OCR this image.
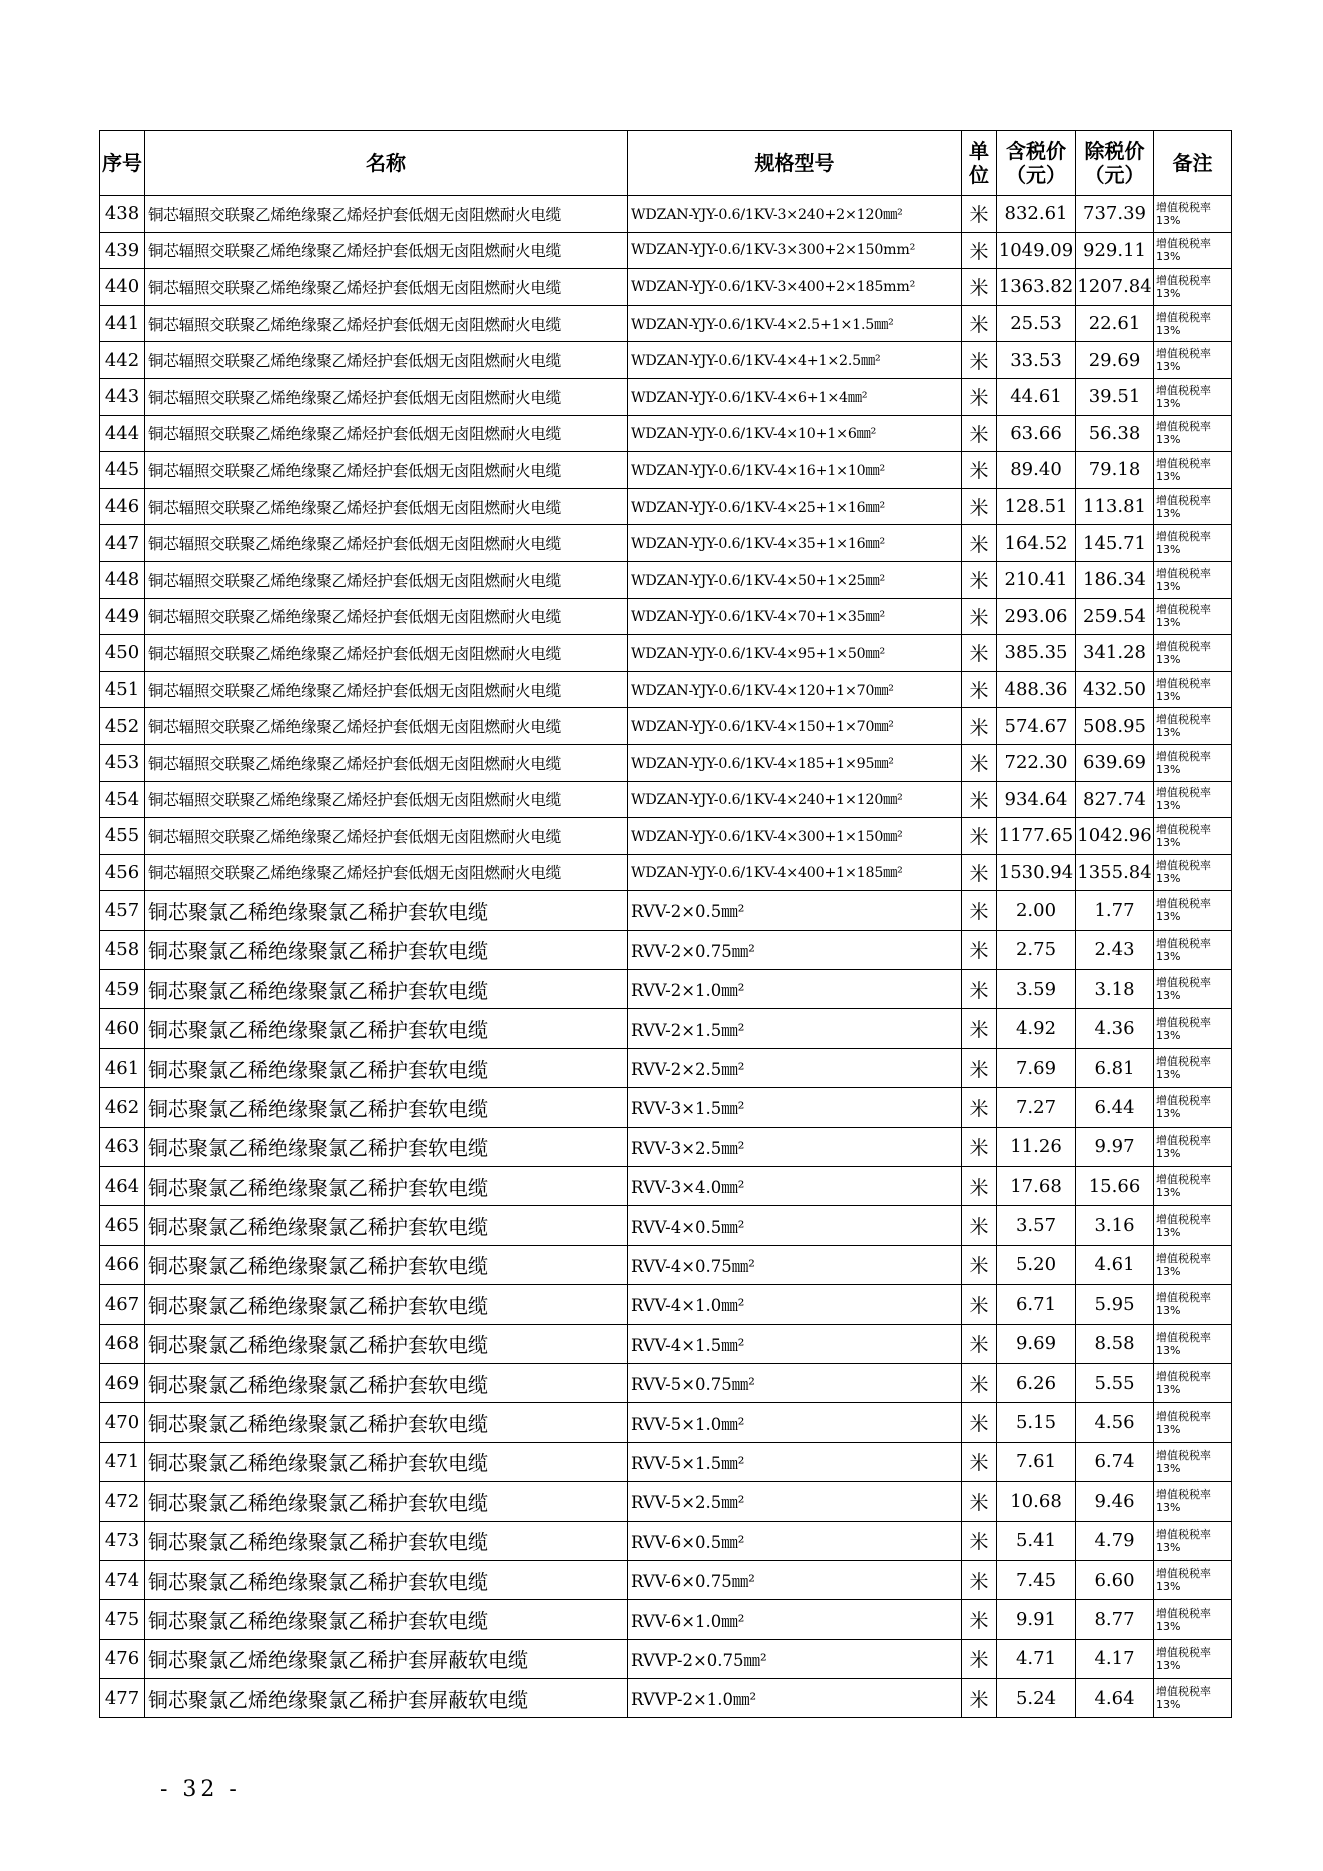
序号	名称	规格型号	单位	含税价（元）	除税价（元）	备注
438	铜芯辐照交联聚乙烯绝缘聚乙烯烃护套低烟无卤阻燃耐火电缆	WDZAN-YJY-0.6/1KV-3×240+2×120㎜²	米	832.61	737.39	增值税税率13%
439	铜芯辐照交联聚乙烯绝缘聚乙烯烃护套低烟无卤阻燃耐火电缆	WDZAN-YJY-0.6/1KV-3×300+2×150mm²	米	1049.09	929.11	增值税税率13%
440	铜芯辐照交联聚乙烯绝缘聚乙烯烃护套低烟无卤阻燃耐火电缆	WDZAN-YJY-0.6/1KV-3×400+2×185mm²	米	1363.82	1207.84	增值税税率13%
441	铜芯辐照交联聚乙烯绝缘聚乙烯烃护套低烟无卤阻燃耐火电缆	WDZAN-YJY-0.6/1KV-4×2.5+1×1.5㎜²	米	25.53	22.61	增值税税率13%
442	铜芯辐照交联聚乙烯绝缘聚乙烯烃护套低烟无卤阻燃耐火电缆	WDZAN-YJY-0.6/1KV-4×4+1×2.5㎜²	米	33.53	29.69	增值税税率13%
443	铜芯辐照交联聚乙烯绝缘聚乙烯烃护套低烟无卤阻燃耐火电缆	WDZAN-YJY-0.6/1KV-4×6+1×4㎜²	米	44.61	39.51	增值税税率13%
444	铜芯辐照交联聚乙烯绝缘聚乙烯烃护套低烟无卤阻燃耐火电缆	WDZAN-YJY-0.6/1KV-4×10+1×6㎜²	米	63.66	56.38	增值税税率13%
445	铜芯辐照交联聚乙烯绝缘聚乙烯烃护套低烟无卤阻燃耐火电缆	WDZAN-YJY-0.6/1KV-4×16+1×10㎜²	米	89.40	79.18	增值税税率13%
446	铜芯辐照交联聚乙烯绝缘聚乙烯烃护套低烟无卤阻燃耐火电缆	WDZAN-YJY-0.6/1KV-4×25+1×16㎜²	米	128.51	113.81	增值税税率13%
447	铜芯辐照交联聚乙烯绝缘聚乙烯烃护套低烟无卤阻燃耐火电缆	WDZAN-YJY-0.6/1KV-4×35+1×16㎜²	米	164.52	145.71	增值税税率13%
448	铜芯辐照交联聚乙烯绝缘聚乙烯烃护套低烟无卤阻燃耐火电缆	WDZAN-YJY-0.6/1KV-4×50+1×25㎜²	米	210.41	186.34	增值税税率13%
449	铜芯辐照交联聚乙烯绝缘聚乙烯烃护套低烟无卤阻燃耐火电缆	WDZAN-YJY-0.6/1KV-4×70+1×35㎜²	米	293.06	259.54	增值税税率13%
450	铜芯辐照交联聚乙烯绝缘聚乙烯烃护套低烟无卤阻燃耐火电缆	WDZAN-YJY-0.6/1KV-4×95+1×50㎜²	米	385.35	341.28	增值税税率13%
451	铜芯辐照交联聚乙烯绝缘聚乙烯烃护套低烟无卤阻燃耐火电缆	WDZAN-YJY-0.6/1KV-4×120+1×70㎜²	米	488.36	432.50	增值税税率13%
452	铜芯辐照交联聚乙烯绝缘聚乙烯烃护套低烟无卤阻燃耐火电缆	WDZAN-YJY-0.6/1KV-4×150+1×70㎜²	米	574.67	508.95	增值税税率13%
453	铜芯辐照交联聚乙烯绝缘聚乙烯烃护套低烟无卤阻燃耐火电缆	WDZAN-YJY-0.6/1KV-4×185+1×95㎜²	米	722.30	639.69	增值税税率13%
454	铜芯辐照交联聚乙烯绝缘聚乙烯烃护套低烟无卤阻燃耐火电缆	WDZAN-YJY-0.6/1KV-4×240+1×120㎜²	米	934.64	827.74	增值税税率13%
455	铜芯辐照交联聚乙烯绝缘聚乙烯烃护套低烟无卤阻燃耐火电缆	WDZAN-YJY-0.6/1KV-4×300+1×150㎜²	米	1177.65	1042.96	增值税税率13%
456	铜芯辐照交联聚乙烯绝缘聚乙烯烃护套低烟无卤阻燃耐火电缆	WDZAN-YJY-0.6/1KV-4×400+1×185㎜²	米	1530.94	1355.84	增值税税率13%
457	铜芯聚氯乙稀绝缘聚氯乙稀护套软电缆	RVV-2×0.5㎜²	米	2.00	1.77	增值税税率13%
458	铜芯聚氯乙稀绝缘聚氯乙稀护套软电缆	RVV-2×0.75㎜²	米	2.75	2.43	增值税税率13%
459	铜芯聚氯乙稀绝缘聚氯乙稀护套软电缆	RVV-2×1.0㎜²	米	3.59	3.18	增值税税率13%
460	铜芯聚氯乙稀绝缘聚氯乙稀护套软电缆	RVV-2×1.5㎜²	米	4.92	4.36	增值税税率13%
461	铜芯聚氯乙稀绝缘聚氯乙稀护套软电缆	RVV-2×2.5㎜²	米	7.69	6.81	增值税税率13%
462	铜芯聚氯乙稀绝缘聚氯乙稀护套软电缆	RVV-3×1.5㎜²	米	7.27	6.44	增值税税率13%
463	铜芯聚氯乙稀绝缘聚氯乙稀护套软电缆	RVV-3×2.5㎜²	米	11.26	9.97	增值税税率13%
464	铜芯聚氯乙稀绝缘聚氯乙稀护套软电缆	RVV-3×4.0㎜²	米	17.68	15.66	增值税税率13%
465	铜芯聚氯乙稀绝缘聚氯乙稀护套软电缆	RVV-4×0.5㎜²	米	3.57	3.16	增值税税率13%
466	铜芯聚氯乙稀绝缘聚氯乙稀护套软电缆	RVV-4×0.75㎜²	米	5.20	4.61	增值税税率13%
467	铜芯聚氯乙稀绝缘聚氯乙稀护套软电缆	RVV-4×1.0㎜²	米	6.71	5.95	增值税税率13%
468	铜芯聚氯乙稀绝缘聚氯乙稀护套软电缆	RVV-4×1.5㎜²	米	9.69	8.58	增值税税率13%
469	铜芯聚氯乙稀绝缘聚氯乙稀护套软电缆	RVV-5×0.75㎜²	米	6.26	5.55	增值税税率13%
470	铜芯聚氯乙稀绝缘聚氯乙稀护套软电缆	RVV-5×1.0㎜²	米	5.15	4.56	增值税税率13%
471	铜芯聚氯乙稀绝缘聚氯乙稀护套软电缆	RVV-5×1.5㎜²	米	7.61	6.74	增值税税率13%
472	铜芯聚氯乙稀绝缘聚氯乙稀护套软电缆	RVV-5×2.5㎜²	米	10.68	9.46	增值税税率13%
473	铜芯聚氯乙稀绝缘聚氯乙稀护套软电缆	RVV-6×0.5㎜²	米	5.41	4.79	增值税税率13%
474	铜芯聚氯乙稀绝缘聚氯乙稀护套软电缆	RVV-6×0.75㎜²	米	7.45	6.60	增值税税率13%
475	铜芯聚氯乙稀绝缘聚氯乙稀护套软电缆	RVV-6×1.0㎜²	米	9.91	8.77	增值税税率13%
476	铜芯聚氯乙烯绝缘聚氯乙稀护套屏蔽软电缆	RVVP-2×0.75㎜²	米	4.71	4.17	增值税税率13%
477	铜芯聚氯乙烯绝缘聚氯乙稀护套屏蔽软电缆	RVVP-2×1.0㎜²	米	5.24	4.64	增值税税率13%
- 32 -
